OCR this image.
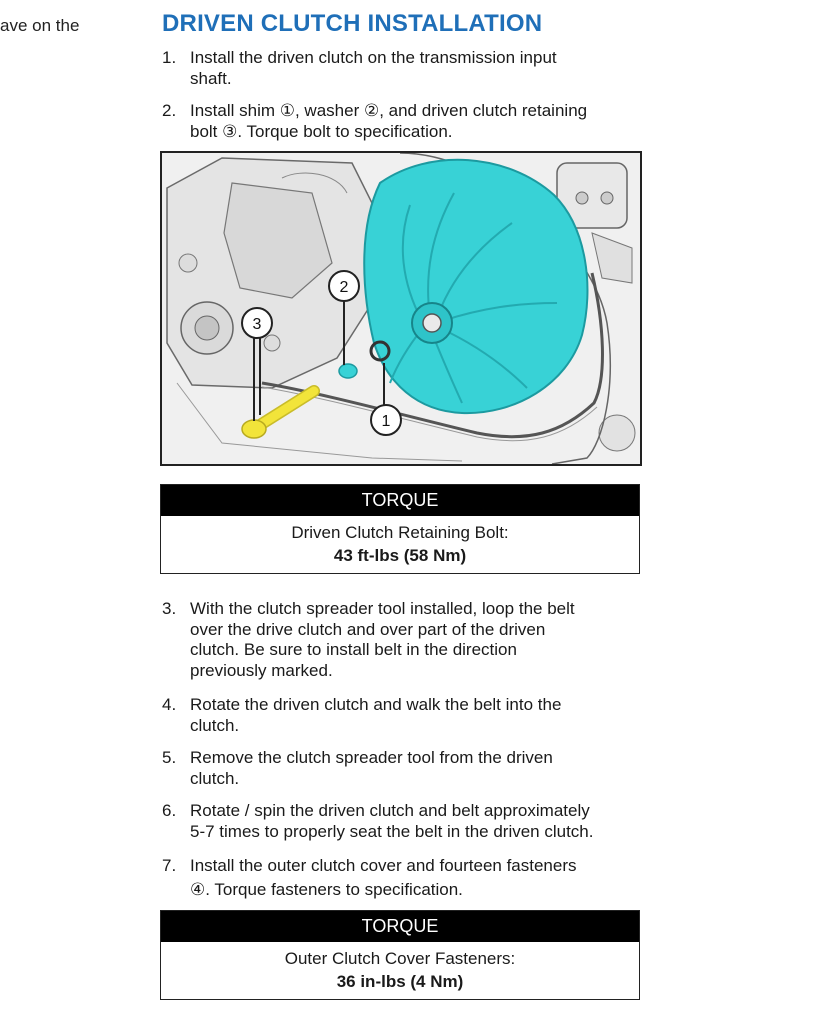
ave on the	DRIVEN CLUTCH INSTALLATION
1. Install the driven clutch on the transmission input
shaft.
2. Install shim ①, washer ②, and driven clutch retaining
bolt ③. Torque bolt to specification.
1
2
3
TORQUE
Driven Clutch Retaining Bolt:
43 ft-lbs (58 Nm)
3. With the clutch spreader tool installed, loop the belt
over the drive clutch and over part of the driven
clutch. Be sure to install belt in the direction
previously marked.
4. Rotate the driven clutch and walk the belt into the
clutch.
5. Remove the clutch spreader tool from the driven
clutch.
6. Rotate / spin the driven clutch and belt approximately
5-7 times to properly seat the belt in the driven clutch.
7. Install the outer clutch cover and fourteen fasteners
④. Torque fasteners to specification.
TORQUE
Outer Clutch Cover Fasteners:
36 in-lbs (4 Nm)
